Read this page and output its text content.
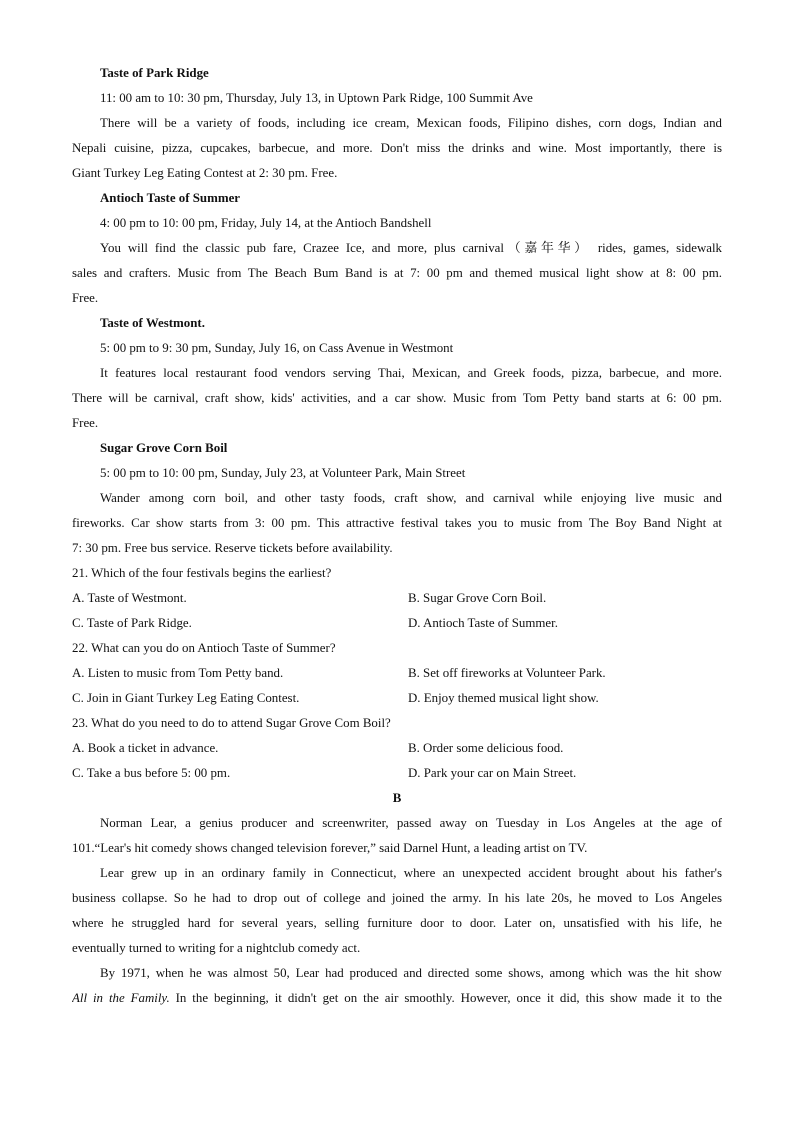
Taste of Park Ridge
11: 00 am to 10: 30 pm, Thursday, July 13, in Uptown Park Ridge, 100 Summit Ave
There will be a variety of foods, including ice cream, Mexican foods, Filipino dishes, corn dogs, Indian and
Nepali cuisine, pizza, cupcakes, barbecue, and more. Don't miss the drinks and wine. Most importantly, there is
Giant Turkey Leg Eating Contest at 2: 30 pm. Free.
Antioch Taste of Summer
4: 00 pm to 10: 00 pm, Friday, July 14, at the Antioch Bandshell
You will find the classic pub fare, Crazee Ice, and more, plus carnival（嘉年华） rides, games, sidewalk
sales and crafters. Music from The Beach Bum Band is at 7: 00 pm and themed musical light show at 8: 00 pm.
Free.
Taste of Westmont.
5: 00 pm to 9: 30 pm, Sunday, July 16, on Cass Avenue in Westmont
It features local restaurant food vendors serving Thai, Mexican, and Greek foods, pizza, barbecue, and more.
There will be carnival, craft show, kids' activities, and a car show. Music from Tom Petty band starts at 6: 00 pm.
Free.
Sugar Grove Corn Boil
5: 00 pm to 10: 00 pm, Sunday, July 23, at Volunteer Park, Main Street
Wander among corn boil, and other tasty foods, craft show, and carnival while enjoying live music and
fireworks. Car show starts from 3: 00 pm. This attractive festival takes you to music from The Boy Band Night at
7: 30 pm. Free bus service. Reserve tickets before availability.
21. Which of the four festivals begins the earliest?
A. Taste of Westmont.	B. Sugar Grove Corn Boil.
C. Taste of Park Ridge.	D. Antioch Taste of Summer.
22. What can you do on Antioch Taste of Summer?
A. Listen to music from Tom Petty band.	B. Set off fireworks at Volunteer Park.
C. Join in Giant Turkey Leg Eating Contest.	D. Enjoy themed musical light show.
23. What do you need to do to attend Sugar Grove Com Boil?
A. Book a ticket in advance.	B. Order some delicious food.
C. Take a bus before 5: 00 pm.	D. Park your car on Main Street.
B
Norman Lear, a genius producer and screenwriter, passed away on Tuesday in Los Angeles at the age of
101.“Lear's hit comedy shows changed television forever,” said Darnel Hunt, a leading artist on TV.
Lear grew up in an ordinary family in Connecticut, where an unexpected accident brought about his father's
business collapse. So he had to drop out of college and joined the army. In his late 20s, he moved to Los Angeles
where he struggled hard for several years, selling furniture door to door. Later on, unsatisfied with his life, he
eventually turned to writing for a nightclub comedy act.
By 1971, when he was almost 50, Lear had produced and directed some shows, among which was the hit show
All in the Family. In the beginning, it didn't get on the air smoothly. However, once it did, this show made it to the
